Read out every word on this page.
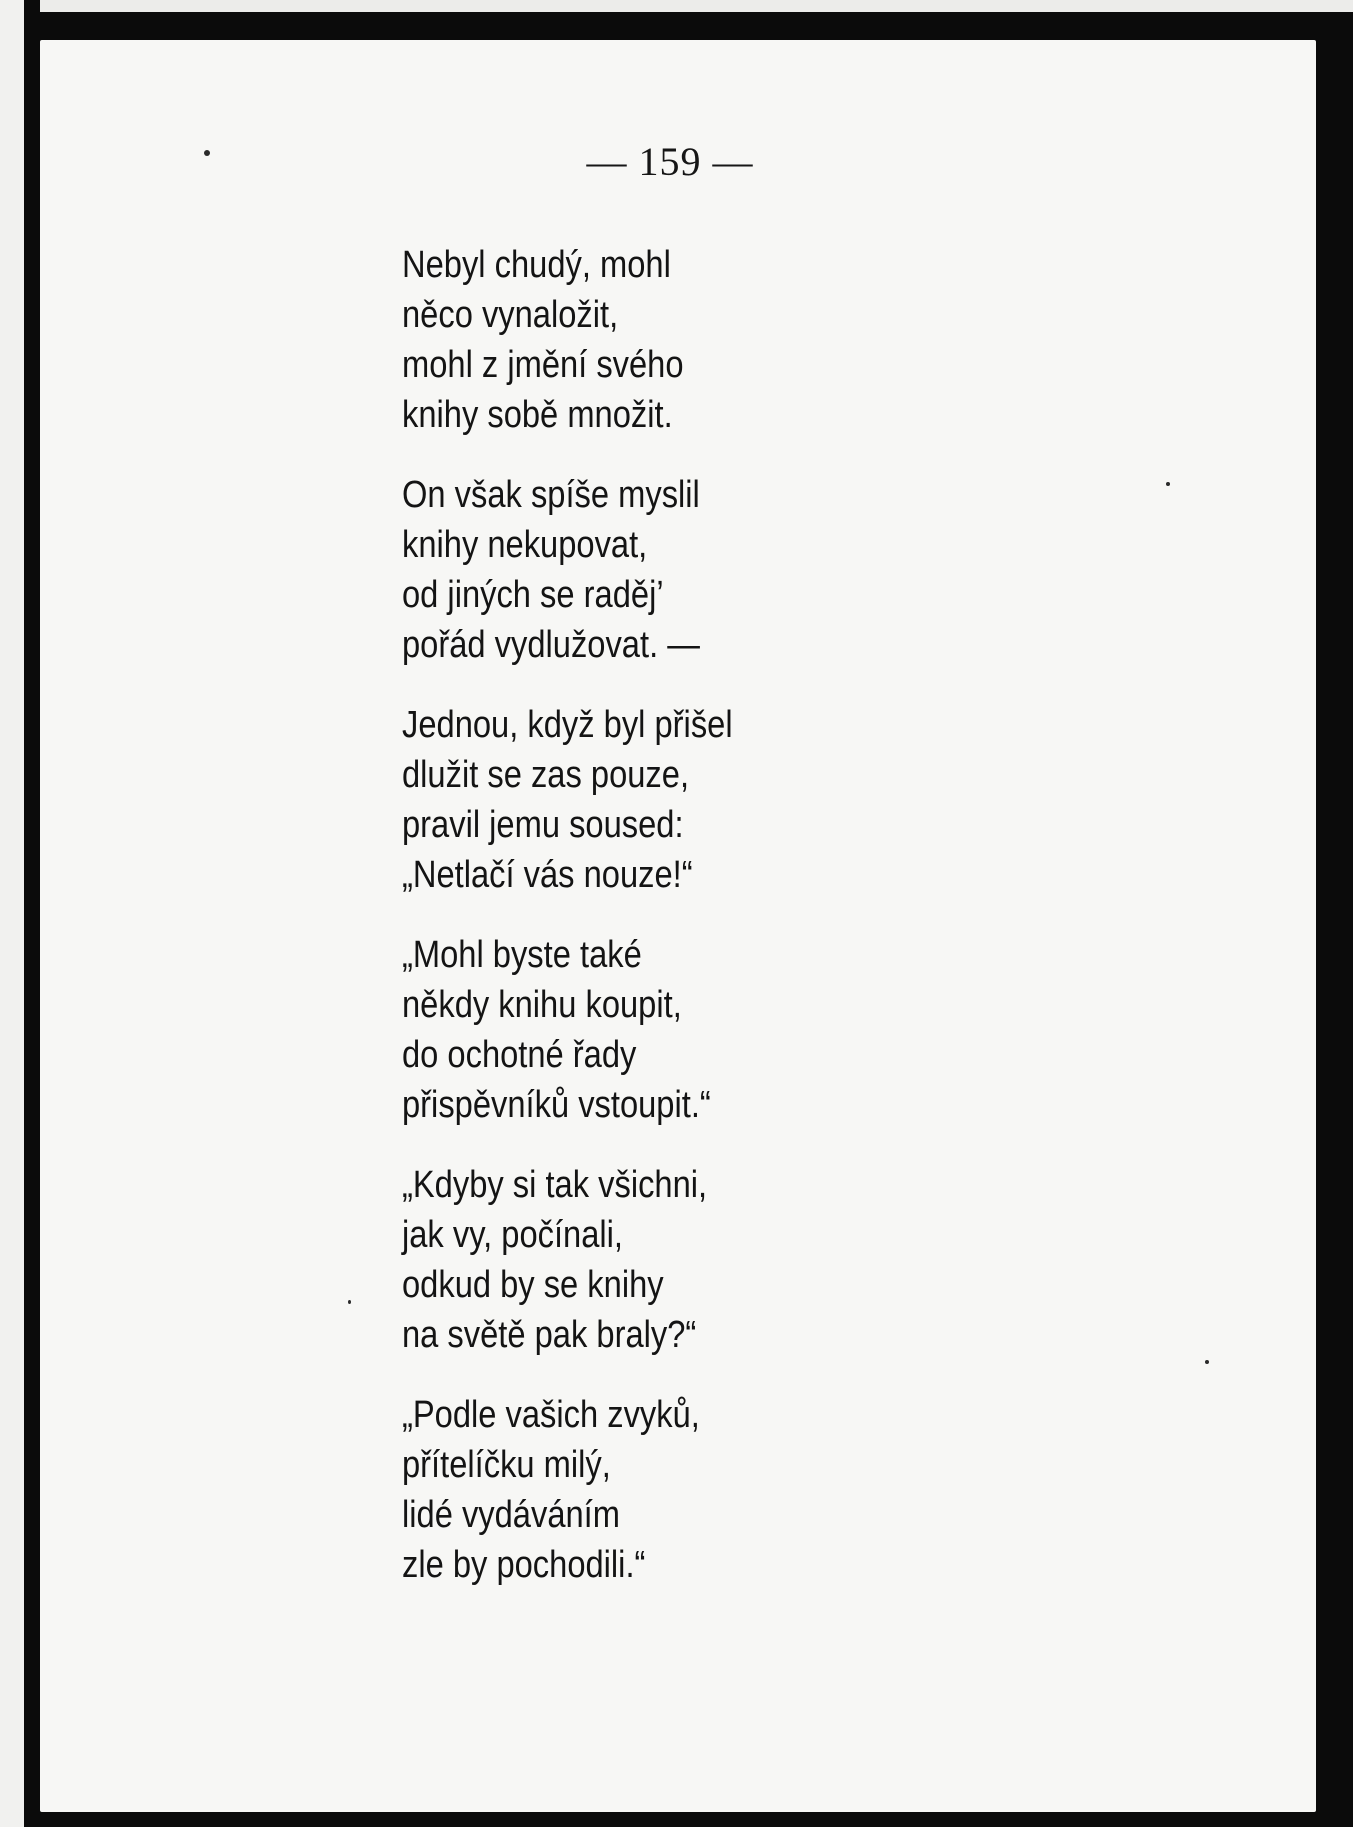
— 159 —
Nebyl chudý, mohl
něco vynaložit,
mohl z jmění svého
knihy sobě množit.
On však spíše myslil
knihy nekupovat,
od jiných se raděj’
pořád vydlužovat. —
Jednou, když byl přišel
dlužit se zas pouze,
pravil jemu soused:
„Netlačí vás nouze!“
„Mohl byste také
někdy knihu koupit,
do ochotné řady
přispěvníků vstoupit.“
„Kdyby si tak všichni,
jak vy, počínali,
odkud by se knihy
na světě pak braly?“
„Podle vašich zvyků,
přítelíčku milý,
lidé vydáváním
zle by pochodili.“
